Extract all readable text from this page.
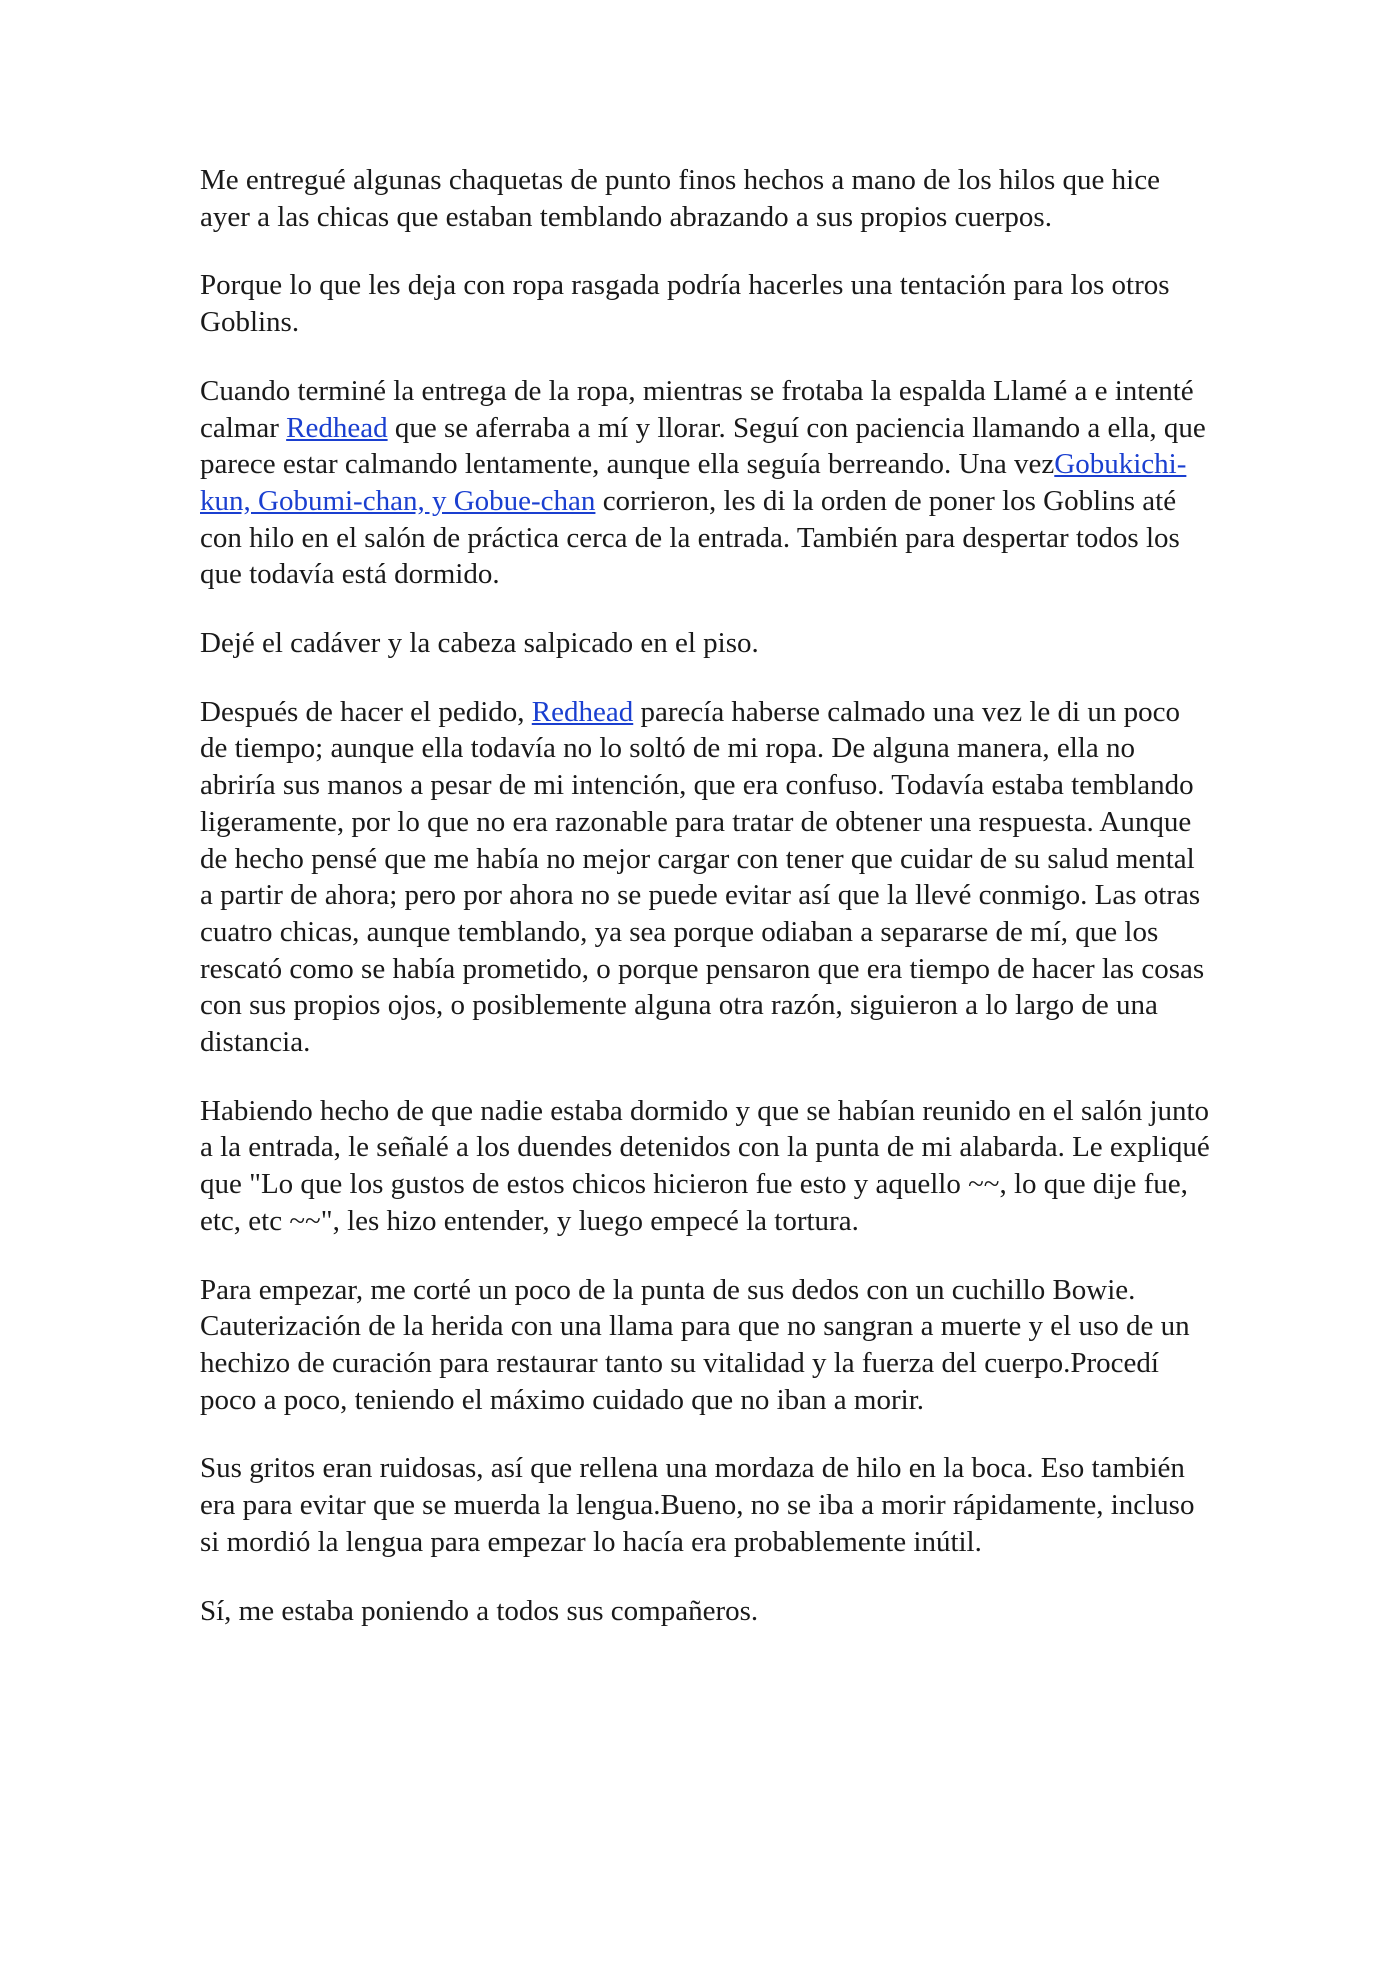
Me entregué algunas chaquetas de punto finos hechos a mano de los hilos que hice ayer a las chicas que estaban temblando abrazando a sus propios cuerpos.

Porque lo que les deja con ropa rasgada podría hacerles una tentación para los otros Goblins.

Cuando terminé la entrega de la ropa, mientras se frotaba la espalda Llamé a e intenté calmar Redhead que se aferraba a mí y llorar. Seguí con paciencia llamando a ella, que parece estar calmando lentamente, aunque ella seguía berreando. Una vezGobukichi-kun, Gobumi-chan, y Gobue-chan corrieron, les di la orden de poner los Goblins até con hilo en el salón de práctica cerca de la entrada. También para despertar todos los que todavía está dormido.

Dejé el cadáver y la cabeza salpicado en el piso.

Después de hacer el pedido, Redhead parecía haberse calmado una vez le di un poco de tiempo; aunque ella todavía no lo soltó de mi ropa. De alguna manera, ella no abriría sus manos a pesar de mi intención, que era confuso. Todavía estaba temblando ligeramente, por lo que no era razonable para tratar de obtener una respuesta. Aunque de hecho pensé que me había no mejor cargar con tener que cuidar de su salud mental a partir de ahora; pero por ahora no se puede evitar así que la llevé conmigo. Las otras cuatro chicas, aunque temblando, ya sea porque odiaban a separarse de mí, que los rescató como se había prometido, o porque pensaron que era tiempo de hacer las cosas con sus propios ojos, o posiblemente alguna otra razón, siguieron a lo largo de una distancia.

Habiendo hecho de que nadie estaba dormido y que se habían reunido en el salón junto a la entrada, le señalé a los duendes detenidos con la punta de mi alabarda. Le expliqué que "Lo que los gustos de estos chicos hicieron fue esto y aquello ~~, lo que dije fue, etc, etc ~~", les hizo entender, y luego empecé la tortura.

Para empezar, me corté un poco de la punta de sus dedos con un cuchillo Bowie. Cauterización de la herida con una llama para que no sangran a muerte y el uso de un hechizo de curación para restaurar tanto su vitalidad y la fuerza del cuerpo.Procedí poco a poco, teniendo el máximo cuidado que no iban a morir.

Sus gritos eran ruidosas, así que rellena una mordaza de hilo en la boca. Eso también era para evitar que se muerda la lengua.Bueno, no se iba a morir rápidamente, incluso si mordió la lengua para empezar lo hacía era probablemente inútil.

Sí, me estaba poniendo a todos sus compañeros.
